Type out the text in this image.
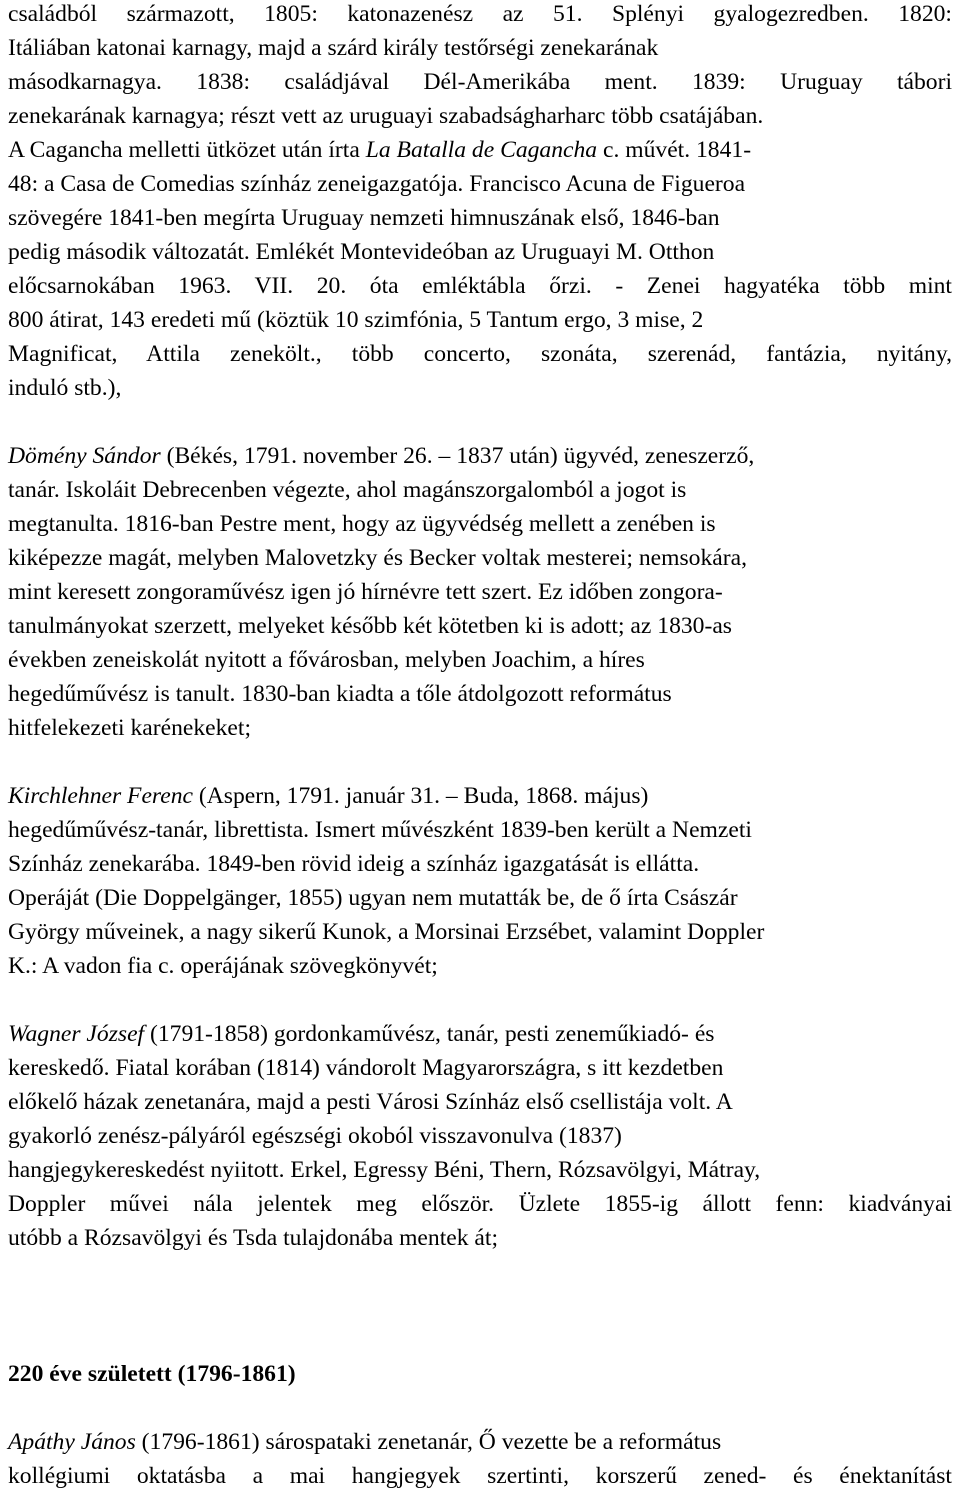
családból származott, 1805: katonazenész az 51. Splényi gyalogezredben. 1820:
Itáliában katonai karnagy, majd a szárd király testőrségi zenekarának
másodkarnagya. 1838: családjával Dél-Amerikába ment. 1839: Uruguay tábori
zenekarának karnagya; részt vett az uruguayi szabadságharharc több csatájában.
A Cagancha melletti ütközet után írta La Batalla de Cagancha c. művét. 1841-
48: a Casa de Comedias színház zeneigazgatója. Francisco Acuna de Figueroa
szövegére 1841-ben megírta Uruguay nemzeti himnuszának első, 1846-ban
pedig második változatát. Emlékét Montevideóban az Uruguayi M. Otthon
előcsarnokában 1963. VII. 20. óta emléktábla őrzi. - Zenei hagyatéka több mint
800 átirat, 143 eredeti mű (köztük 10 szimfónia, 5 Tantum ergo, 3 mise, 2
Magnificat, Attila zenekölt., több concerto, szonáta, szerenád, fantázia, nyitány,
induló stb.),
Dömény Sándor (Békés, 1791. november 26. – 1837 után) ügyvéd, zeneszerző,
tanár. Iskoláit Debrecenben végezte, ahol magánszorgalomból a jogot is
megtanulta. 1816-ban Pestre ment, hogy az ügyvédség mellett a zenében is
kiképezze magát, melyben Malovetzky és Becker voltak mesterei; nemsokára,
mint keresett zongoraművész igen jó hírnévre tett szert. Ez időben zongora-
tanulmányokat szerzett, melyeket később két kötetben ki is adott; az 1830-as
években zeneiskolát nyitott a fővárosban, melyben Joachim, a híres
hegedűművész is tanult. 1830-ban kiadta a tőle átdolgozott református
hitfelekezeti karénekeket;
Kirchlehner Ferenc (Aspern, 1791. január 31. – Buda, 1868. május)
hegedűművész-tanár, librettista. Ismert művészként 1839-ben került a Nemzeti
Színház zenekarába. 1849-ben rövid ideig a színház igazgatását is ellátta.
Operáját (Die Doppelgänger, 1855) ugyan nem mutatták be, de ő írta Császár
György műveinek, a nagy sikerű Kunok, a Morsinai Erzsébet, valamint Doppler
K.: A vadon fia c. operájának szövegkönyvét;
Wagner József (1791-1858) gordonkaművész, tanár, pesti zeneműkiadó- és
kereskedő. Fiatal korában (1814) vándorolt Magyarországra, s itt kezdetben
előkelő házak zenetanára, majd a pesti Városi Színház első csellistája volt. A
gyakorló zenész-pályáról egészségi okoból visszavonulva (1837)
hangjegykereskedést nyiitott. Erkel, Egressy Béni, Thern, Rózsavölgyi, Mátray,
Doppler művei nála jelentek meg először. Üzlete 1855-ig állott fenn: kiadványai
utóbb a Rózsavölgyi és Tsda tulajdonába mentek át;
220 éve született (1796-1861)
Apáthy János (1796-1861) sárospataki zenetanár, Ő vezette be a református
kollégiumi oktatásba a mai hangjegyek szertinti, korszerű zened- és énektanítást
